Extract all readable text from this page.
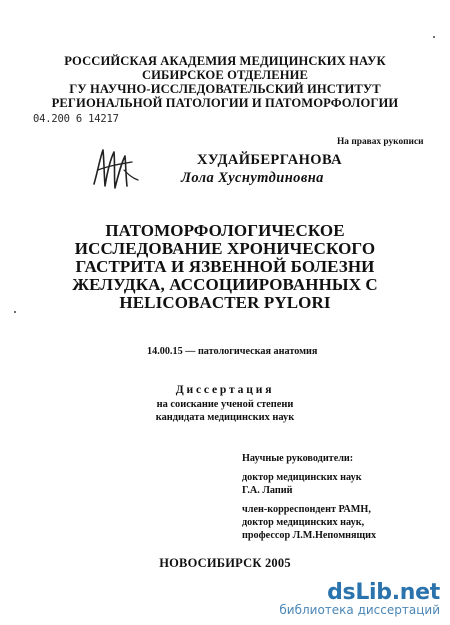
РОССИЙСКАЯ АКАДЕМИЯ МЕДИЦИНСКИХ НАУК
СИБИРСКОЕ ОТДЕЛЕНИЕ
ГУ НАУЧНО-ИССЛЕДОВАТЕЛЬСКИЙ ИНСТИТУТ
РЕГИОНАЛЬНОЙ ПАТОЛОГИИ И ПАТОМОРФОЛОГИИ
04.200 6 14217
На правах рукописи
ХУДАЙБЕРГАНОВА
Лола Хуснутдиновна
ПАТОМОРФОЛОГИЧЕСКОЕ
ИССЛЕДОВАНИЕ ХРОНИЧЕСКОГО
ГАСТРИТА И ЯЗВЕННОЙ БОЛЕЗНИ
ЖЕЛУДКА, АССОЦИИРОВАННЫХ С
HELICOBACTER PYLORI
14.00.15 — патологическая анатомия
Диссертация
на соискание ученой степени
кандидата медицинских наук
Научные руководители:
доктор медицинских наук
Г.А. Лапий
член-корреспондент РАМН,
доктор медицинских наук,
профессор Л.М.Непомнящих
НОВОСИБИРСК 2005
dsLib.net
библиотека диссертаций
